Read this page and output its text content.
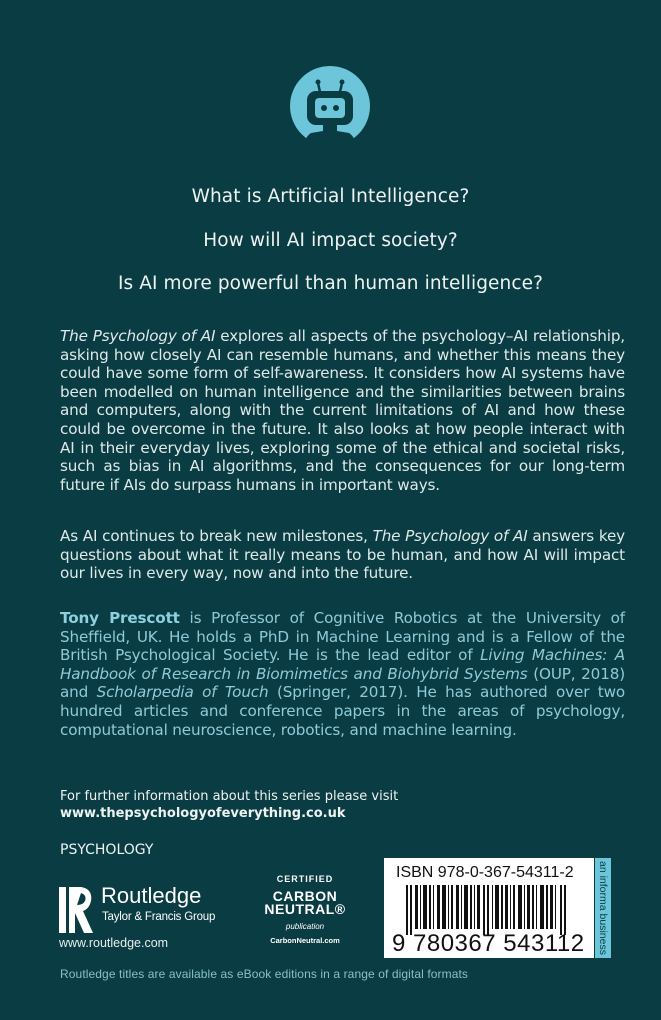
What is Artificial Intelligence?
How will AI impact society?
Is AI more powerful than human intelligence?
The Psychology of AI explores all aspects of the psychology–AI relationship, asking how closely AI can resemble humans, and whether this means they could have some form of self-awareness. It considers how AI systems have been modelled on human intelligence and the similarities between brains and computers, along with the current limitations of AI and how these could be overcome in the future. It also looks at how people interact with AI in their everyday lives, exploring some of the ethical and societal risks, such as bias in AI algorithms, and the consequences for our long-term future if AIs do surpass humans in important ways.
As AI continues to break new milestones, The Psychology of AI answers key questions about what it really means to be human, and how AI will impact our lives in every way, now and into the future.
Tony Prescott is Professor of Cognitive Robotics at the University of Sheffield, UK. He holds a PhD in Machine Learning and is a Fellow of the British Psychological Society. He is the lead editor of Living Machines: A Handbook of Research in Biomimetics and Biohybrid Systems (OUP, 2018) and Scholarpedia of Touch (Springer, 2017). He has authored over two hundred articles and conference papers in the areas of psychology, computational neuroscience, robotics, and machine learning.
For further information about this series please visit
www.thepsychologyofeverything.co.uk
PSYCHOLOGY
Routledge
Taylor & Francis Group
www.routledge.com
CERTIFIED
CARBON
NEUTRAL®
publication
CarbonNeutral.com
ISBN 978-0-367-54311-2
9 780367 543112 an informa business
Routledge titles are available as eBook editions in a range of digital formats
